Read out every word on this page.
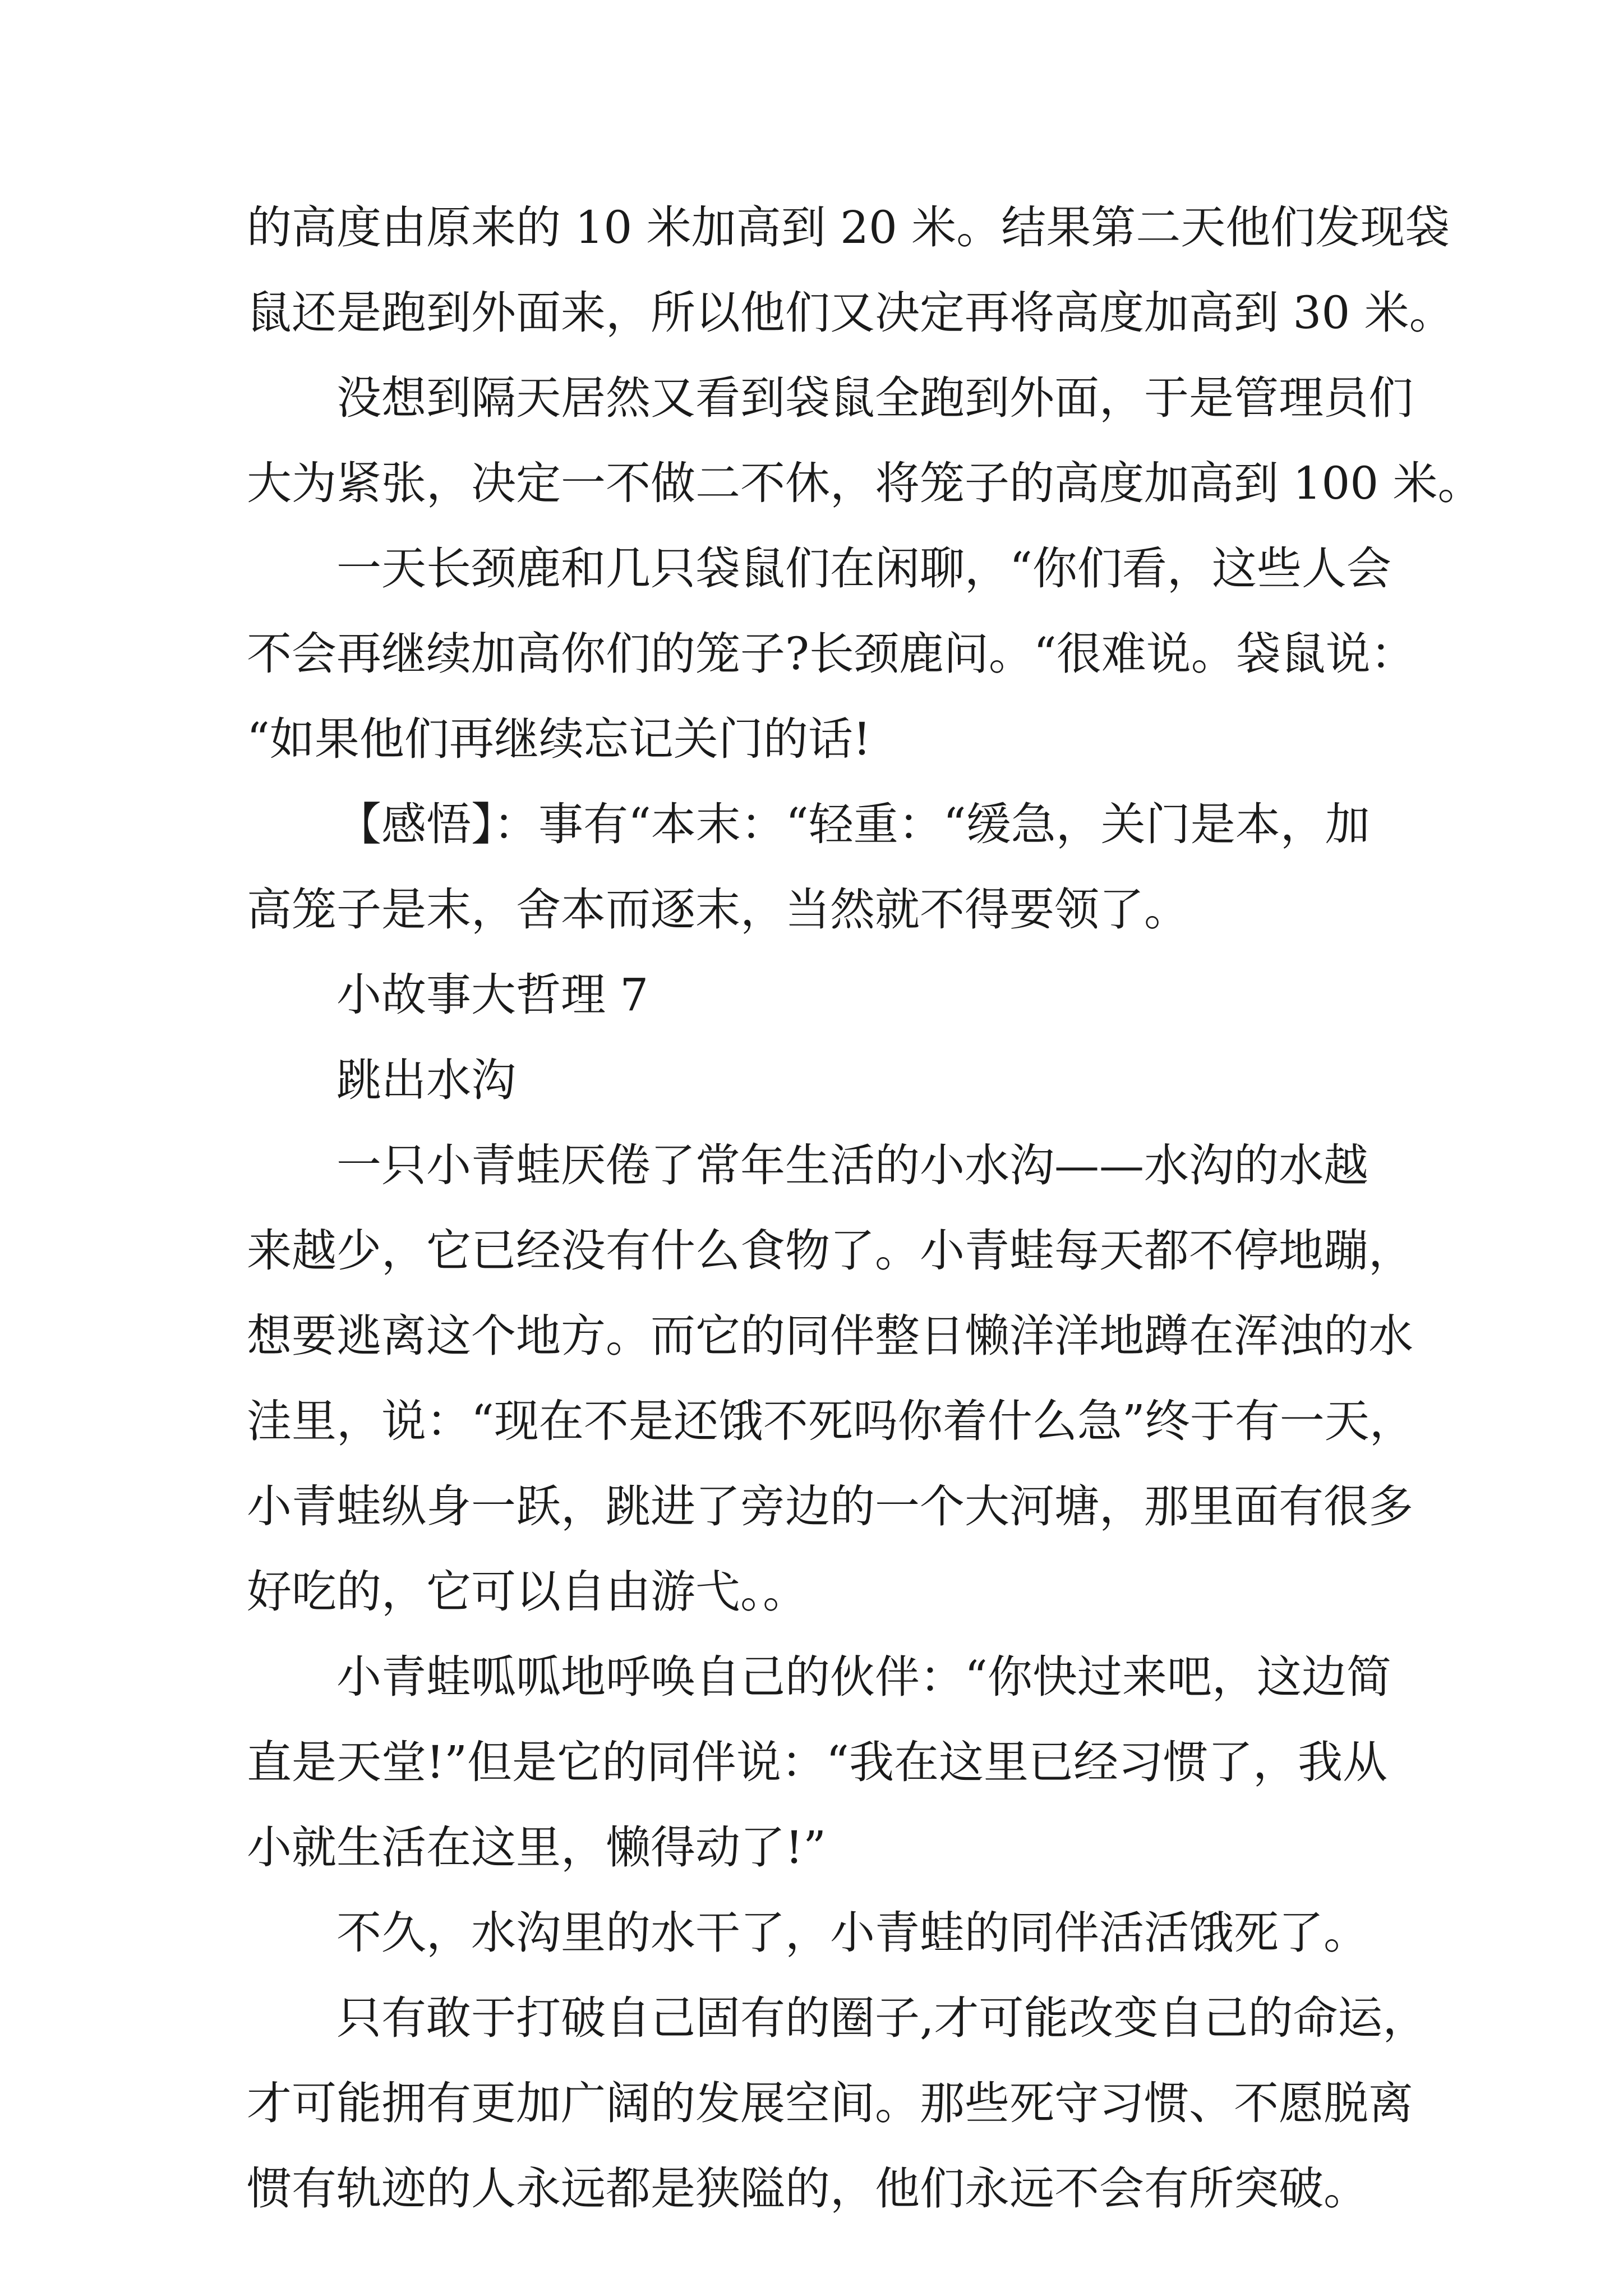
的高度由原来的 10 米加高到 20 米。结果第二天他们发现袋
鼠还是跑到外面来，所以他们又决定再将高度加高到 30 米。
没想到隔天居然又看到袋鼠全跑到外面，于是管理员们
大为紧张，决定一不做二不休，将笼子的高度加高到 100 米。
一天长颈鹿和几只袋鼠们在闲聊，“你们看，这些人会
不会再继续加高你们的笼子?长颈鹿问。“很难说。袋鼠说：
“如果他们再继续忘记关门的话!
【感悟】：事有“本末：“轻重：“缓急，关门是本，加
高笼子是末，舍本而逐末，当然就不得要领了。
小故事大哲理 7
跳出水沟
一只小青蛙厌倦了常年生活的小水沟——水沟的水越
来越少，它已经没有什么食物了。小青蛙每天都不停地蹦，
想要逃离这个地方。而它的同伴整日懒洋洋地蹲在浑浊的水
洼里，说：“现在不是还饿不死吗你着什么急”终于有一天，
小青蛙纵身一跃，跳进了旁边的一个大河塘，那里面有很多
好吃的，它可以自由游弋。。
小青蛙呱呱地呼唤自己的伙伴：“你快过来吧，这边简
直是天堂!”但是它的同伴说：“我在这里已经习惯了，我从
小就生活在这里，懒得动了!”
不久，水沟里的水干了，小青蛙的同伴活活饿死了。
只有敢于打破自己固有的圈子,才可能改变自己的命运，
才可能拥有更加广阔的发展空间。那些死守习惯、不愿脱离
惯有轨迹的人永远都是狭隘的，他们永远不会有所突破。
